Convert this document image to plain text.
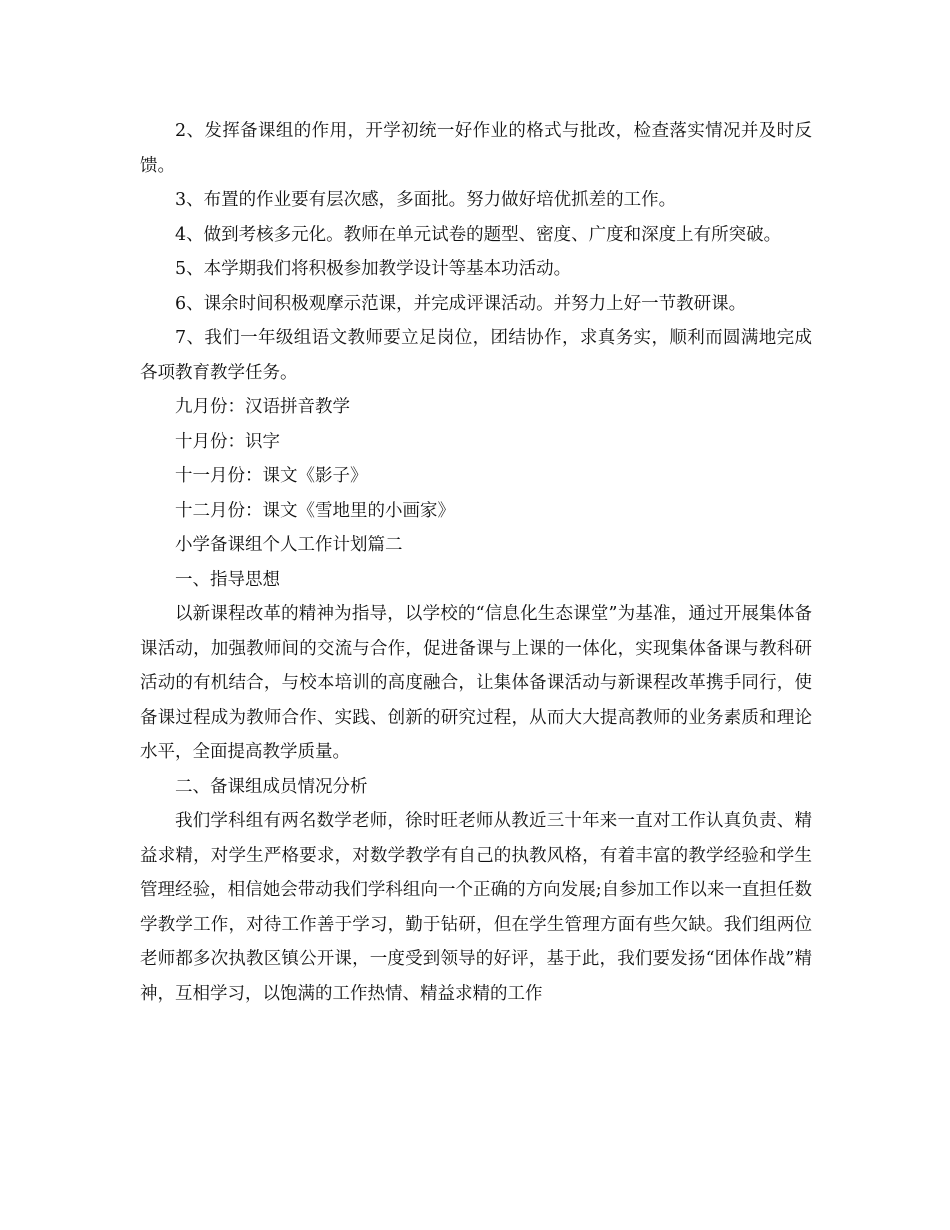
2、发挥备课组的作用，开学初统一好作业的格式与批改，检查落实情况并及时反馈。

3、布置的作业要有层次感，多面批。努力做好培优抓差的工作。

4、做到考核多元化。教师在单元试卷的题型、密度、广度和深度上有所突破。

5、本学期我们将积极参加教学设计等基本功活动。

6、课余时间积极观摩示范课，并完成评课活动。并努力上好一节教研课。

7、我们一年级组语文教师要立足岗位，团结协作，求真务实，顺利而圆满地完成各项教育教学任务。

九月份：汉语拼音教学

十月份：识字

十一月份：课文《影子》

十二月份：课文《雪地里的小画家》

小学备课组个人工作计划篇二

一、指导思想

以新课程改革的精神为指导，以学校的“信息化生态课堂”为基准，通过开展集体备课活动，加强教师间的交流与合作，促进备课与上课的一体化，实现集体备课与教科研活动的有机结合，与校本培训的高度融合，让集体备课活动与新课程改革携手同行，使备课过程成为教师合作、实践、创新的研究过程，从而大大提高教师的业务素质和理论水平，全面提高教学质量。

二、备课组成员情况分析

我们学科组有两名数学老师，徐时旺老师从教近三十年来一直对工作认真负责、精益求精，对学生严格要求，对数学教学有自己的执教风格，有着丰富的教学经验和学生管理经验，相信她会带动我们学科组向一个正确的方向发展;自参加工作以来一直担任数学教学工作，对待工作善于学习，勤于钻研，但在学生管理方面有些欠缺。我们组两位老师都多次执教区镇公开课，一度受到领导的好评，基于此，我们要发扬“团体作战”精神，互相学习，以饱满的工作热情、精益求精的工作
